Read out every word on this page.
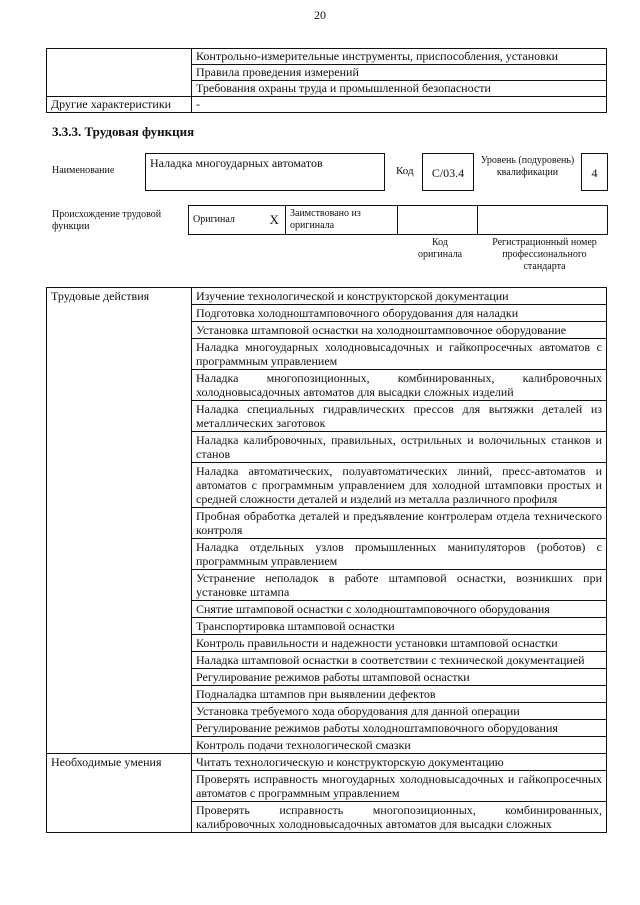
20
	Контрольно-измерительные инструменты, приспособления, установки
	Правила проведения измерений
	Требования охраны труда и промышленной безопасности
Другие характеристики	-
3.3.3. Трудовая функция
Наименование
Наладка многоударных автоматов
Код	C/03.4
Уровень (подуровень) квалификации	4
Происхождение трудовой функции
Оригинал	X	Заимствовано из оригинала		
Код оригинала
Регистрационный номер профессионального стандарта
Трудовые действия	Изучение технологической и конструкторской документации
	Подготовка холодноштамповочного оборудования для наладки
	Установка штамповой оснастки на холодноштамповочное оборудование
	Наладка многоударных холодновысадочных и гайкопросечных автоматов с программным управлением
	Наладка многопозиционных, комбинированных, калибровочных холодновысадочных автоматов для высадки сложных изделий
	Наладка специальных гидравлических прессов для вытяжки деталей из металлических заготовок
	Наладка калибровочных, правильных, острильных и волочильных станков и станов
	Наладка автоматических, полуавтоматических линий, пресс-автоматов и автоматов с программным управлением для холодной штамповки простых и средней сложности деталей и изделий из металла различного профиля
	Пробная обработка деталей и предъявление контролерам отдела технического контроля
	Наладка отдельных узлов промышленных манипуляторов (роботов) с программным управлением
	Устранение неполадок в работе штамповой оснастки, возникших при установке штампа
	Снятие штамповой оснастки с холодноштамповочного оборудования
	Транспортировка штамповой оснастки
	Контроль правильности и надежности установки штамповой оснастки
	Наладка штамповой оснастки в соответствии с технической документацией
	Регулирование режимов работы штамповой оснастки
	Подналадка штампов при выявлении дефектов
	Установка требуемого хода оборудования для данной операции
	Регулирование режимов работы холодноштамповочного оборудования
	Контроль подачи технологической смазки
Необходимые умения	Читать технологическую и конструкторскую документацию
	Проверять исправность многоударных холодновысадочных и гайкопросечных автоматов с программным управлением
	Проверять исправность многопозиционных, комбинированных, калибровочных холодновысадочных автоматов для высадки сложных
